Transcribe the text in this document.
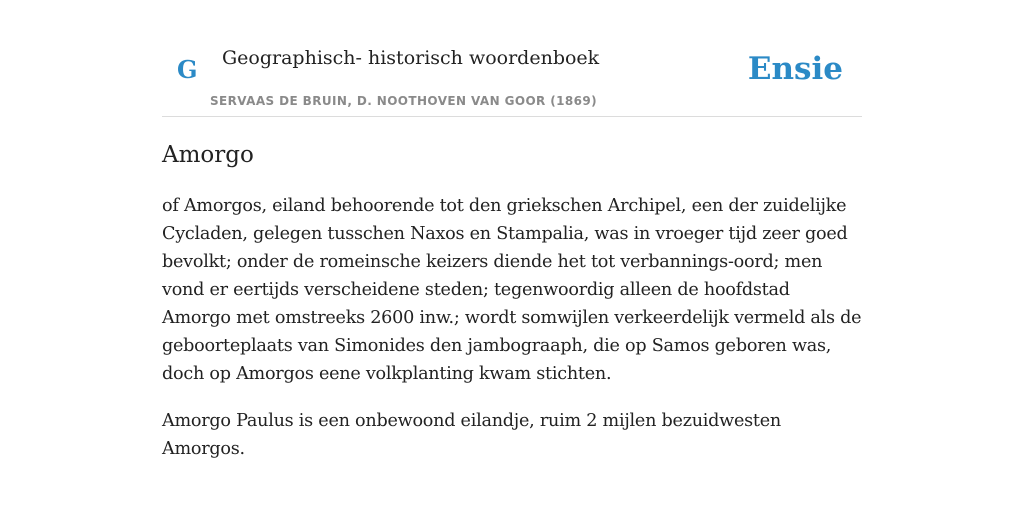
G Geographisch- historisch woordenboek
SERVAAS DE BRUIN, D. NOOTHOVEN VAN GOOR (1869)
Ensie
Amorgo

of Amorgos, eiland behoorende tot den griekschen Archipel, een der zuidelijke Cycladen, gelegen tusschen Naxos en Stampalia, was in vroeger tijd zeer goed bevolkt; onder de romeinsche keizers diende het tot verbannings-oord; men vond er eertijds verscheidene steden; tegenwoordig alleen de hoofdstad Amorgo met omstreeks 2600 inw.; wordt somwijlen verkeerdelijk vermeld als de geboorteplaats van Simonides den jambograaph, die op Samos geboren was, doch op Amorgos eene volkplanting kwam stichten.

Amorgo Paulus is een onbewoond eilandje, ruim 2 mijlen bezuidwesten Amorgos.
